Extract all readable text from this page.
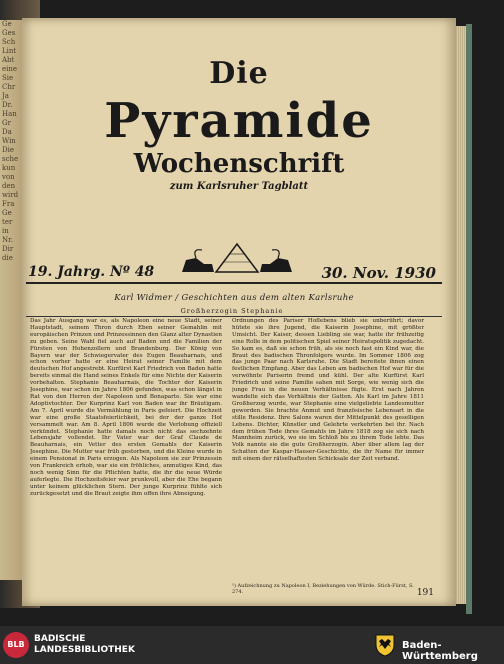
Ge
Ges
Sch
Lint
Abt
eine
Sie
Chr
Ja
Dr.
Han
Gr
Da
Win
Die
sche
kun
von
den
wird
Fra
Ge
ter
in
Nr.
Dir
die
Die
Pyramide
Wochenschrift
zum Karlsruher Tagblatt
19. Jahrg. Nº 48	30. Nov. 1930
Karl Widmer / Geschichten aus dem alten Karlsruhe
Großherzogin Stephanie
Das Jahr Ausgang war es, als Napoleon eine neue Stadt, seiner Hauptstadt, seinem Thron durch Eben seiner Gemahlin mit europäischen Prinzen und Prinzessinnen den Glanz alter Dynastien zu geben. Seine Wahl fiel auch auf Baden und die Familien der Fürsten von Hohenzollern und Brandenburg. Der König von Bayern war der Schwiegervater des Eugen Beauharnais, und schon vorher hatte er eine Heirat seiner Familie mit dem deutschen Hof angestrebt. Kurfürst Karl Friedrich von Baden hatte bereits einmal die Hand seines Enkels für eine Nichte der Kaiserin vorbehalten. Stephanie Beauharnais, die Tochter der Kaiserin Josephine, war schon im Jahre 1806 gefunden, was schon längst in Rat von den Herren der Napoleon und Bonaparte. Sie war eine Adoptivtochter. Der Kurprinz Karl von Baden war ihr Bräutigam. Am 7. April wurde die Vermählung in Paris gefeiert. Die Hochzeit war eine große Staatsfeierlichkeit, bei der der ganze Hof versammelt war. Am 8. April 1806 wurde die Verlobung offiziell verkündet. Stephanie hatte damals noch nicht das sechzehnte Lebensjahr vollendet. Ihr Vater war der Graf Claude de Beauharnais, ein Vetter des ersten Gemahls der Kaiserin Josephine. Die Mutter war früh gestorben, und die Kleine wurde in einem Pensionat in Paris erzogen. Als Napoleon sie zur Prinzessin von Frankreich erhob, war sie ein fröhliches, anmutiges Kind, das noch wenig Sinn für die Pflichten hatte, die ihr die neue Würde auferlegte. Die Hochzeitsfeier war prunkvoll, aber die Ehe begann unter keinem glücklichen Stern. Der junge Kurprinz fühlte sich zurückgesetzt und die Braut zeigte ihm offen ihre Abneigung.
Ordnungen des Pariser Hoflebens blieb sie unberührt; davor hütete sie ihre Jugend, die Kaiserin Josephine, mit größter Umsicht. Der Kaiser, dessen Liebling sie war, hatte ihr frühzeitig eine Rolle in dem politischen Spiel seiner Heiratspolitik zugedacht. So kam es, daß sie schon früh, als sie noch fast ein Kind war, die Braut des badischen Thronfolgers wurde. Im Sommer 1806 zog das junge Paar nach Karlsruhe. Die Stadt bereitete ihnen einen festlichen Empfang. Aber das Leben am badischen Hof war für die verwöhnte Pariserin fremd und kühl. Der alte Kurfürst Karl Friedrich und seine Familie sahen mit Sorge, wie wenig sich die junge Frau in die neuen Verhältnisse fügte. Erst nach Jahren wandelte sich das Verhältnis der Gatten. Als Karl im Jahre 1811 Großherzog wurde, war Stephanie eine vielgeliebte Landesmutter geworden. Sie brachte Anmut und französische Lebensart in die stille Residenz. Ihre Salons waren der Mittelpunkt des geselligen Lebens. Dichter, Künstler und Gelehrte verkehrten bei ihr. Nach dem frühen Tode ihres Gemahls im Jahre 1818 zog sie sich nach Mannheim zurück, wo sie im Schloß bis zu ihrem Tode lebte. Das Volk nannte sie die gute Großherzogin. Aber über allem lag der Schatten der Kaspar-Hauser-Geschichte, die ihr Name für immer mit einem der rätselhaftesten Schicksale der Zeit verband.
¹) Aufzeichnung zu Napoleon I, Beziehungen von Würde. Stich-Fürst, S. 274.	191
BLB
BADISCHE
LANDESBIBLIOTHEK	Baden-Württemberg
